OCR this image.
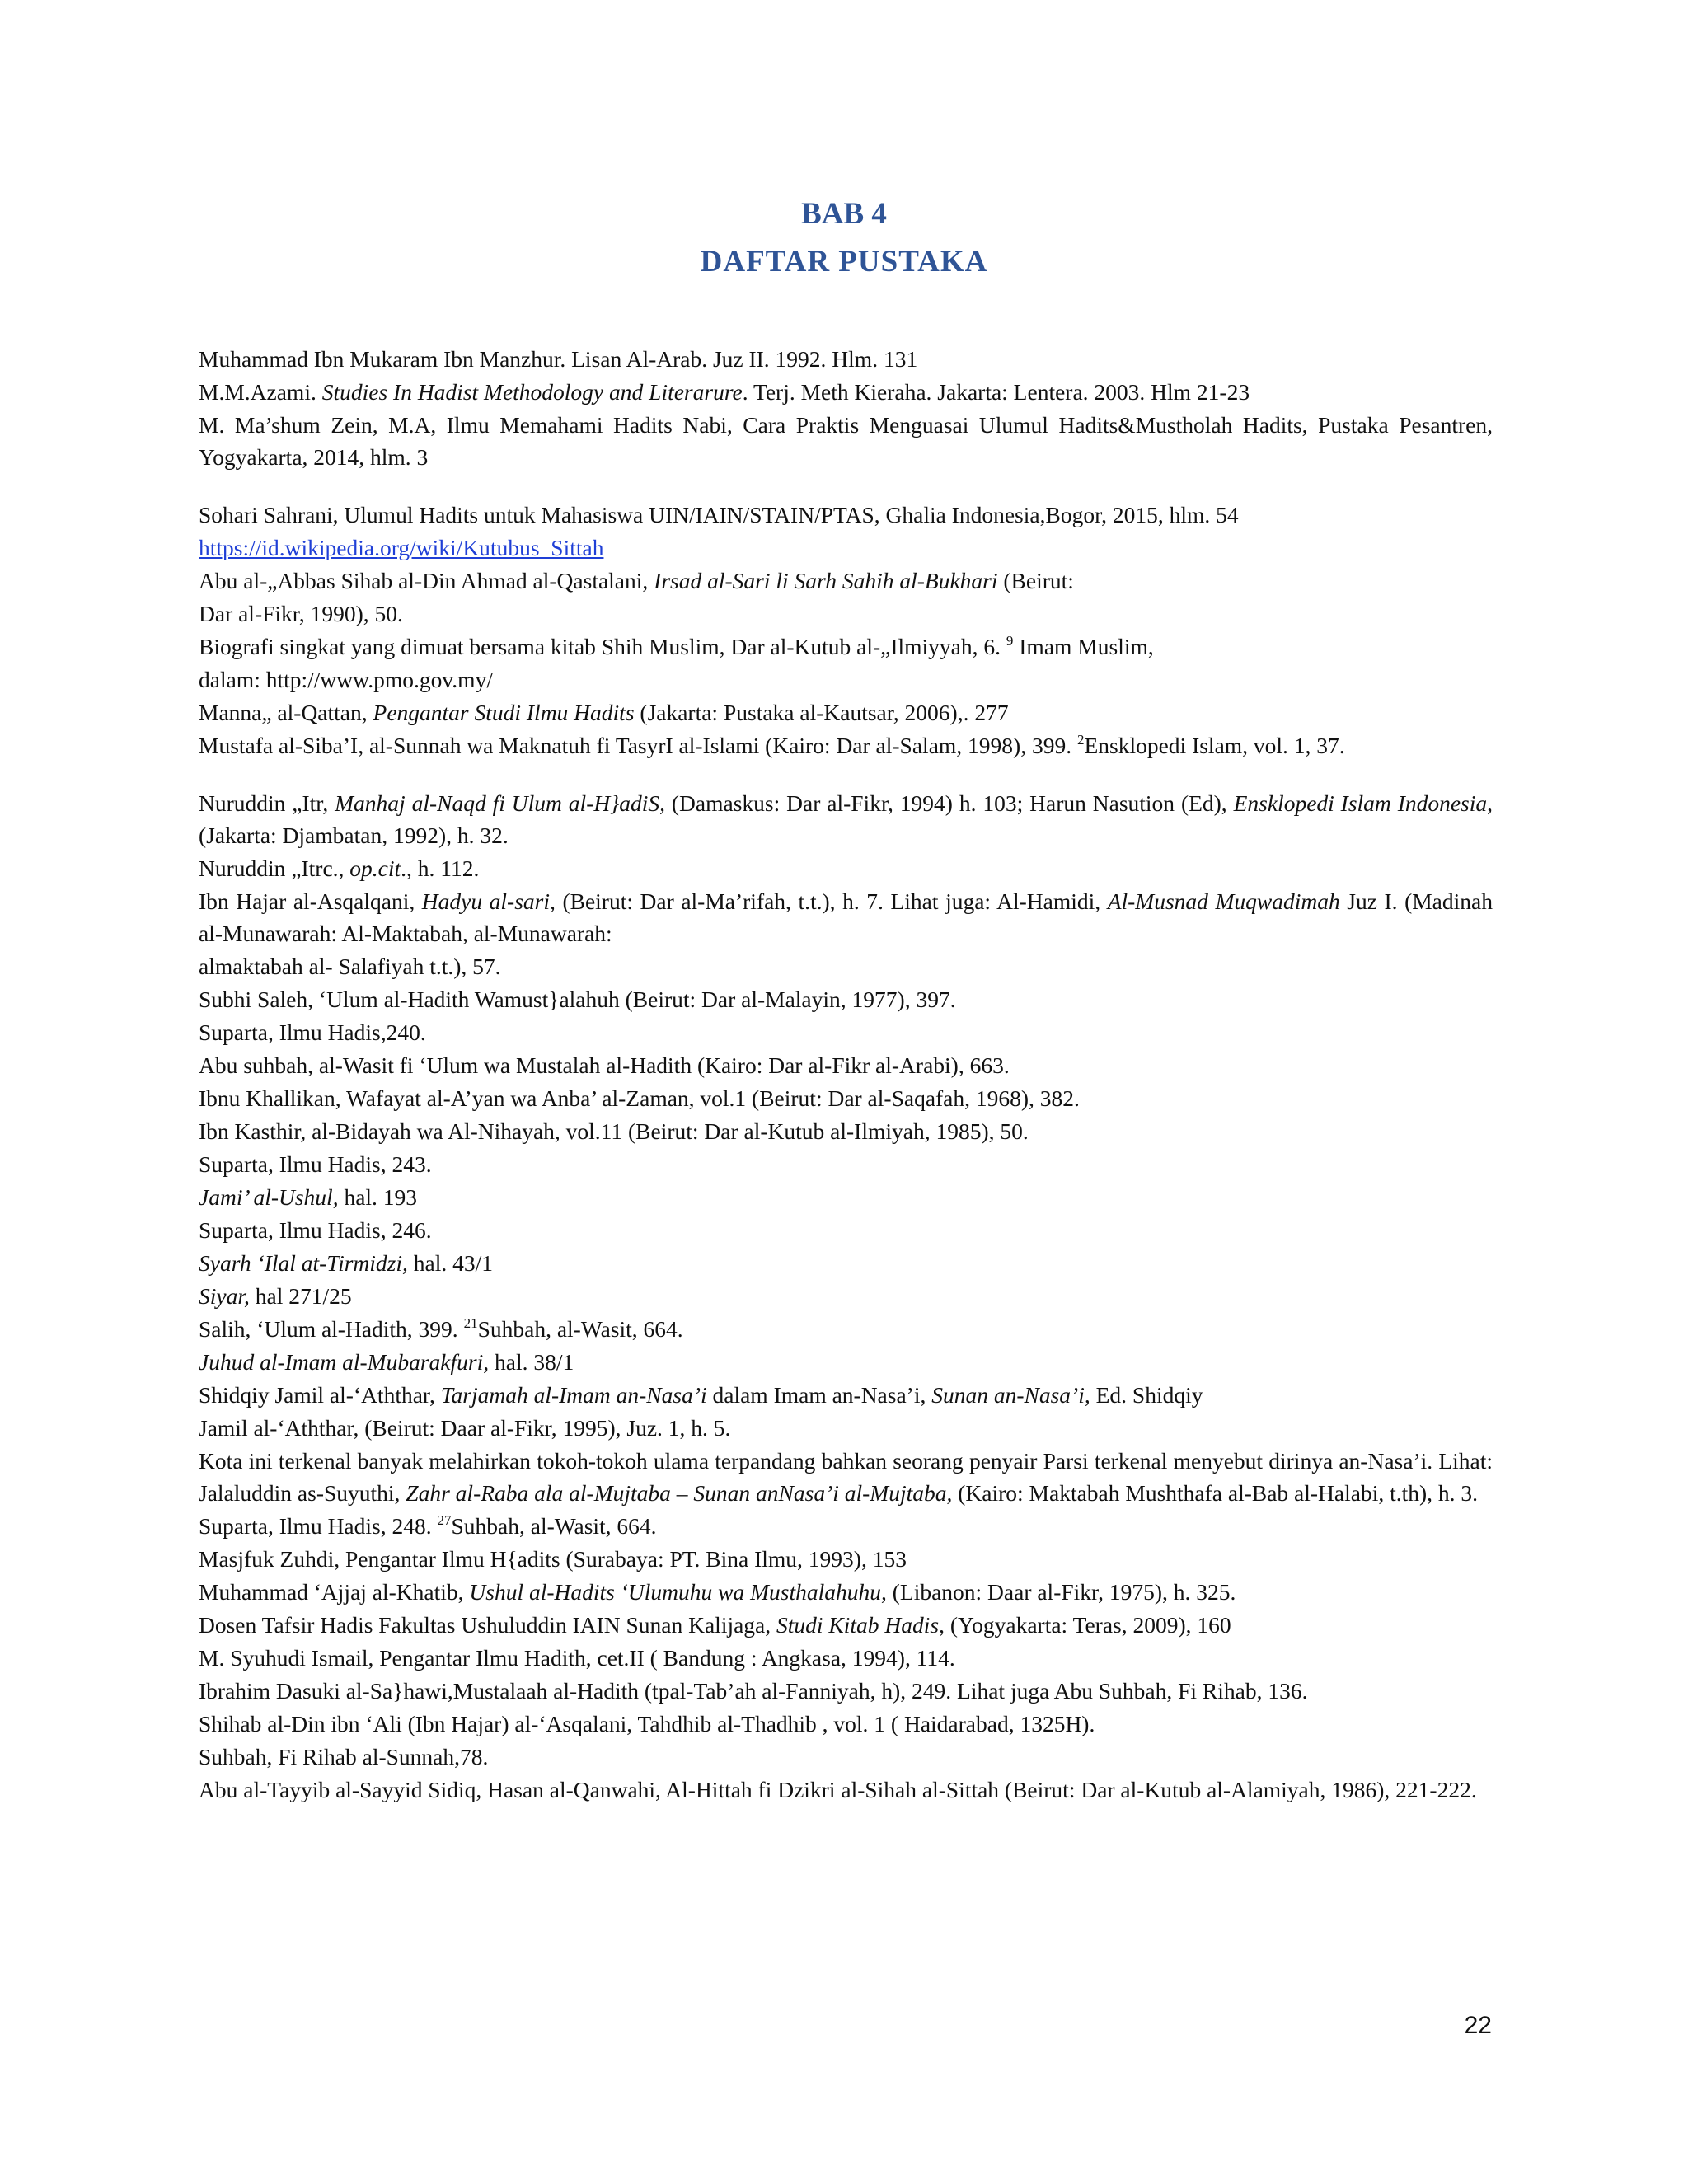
BAB 4
DAFTAR PUSTAKA

Muhammad Ibn Mukaram Ibn Manzhur. Lisan Al-Arab. Juz II. 1992. Hlm. 131

M.M.Azami. Studies In Hadist Methodology and Literarure. Terj. Meth Kieraha. Jakarta: Lentera. 2003. Hlm 21-23

M. Ma’shum Zein, M.A, Ilmu Memahami Hadits Nabi, Cara Praktis Menguasai Ulumul Hadits&Mustholah Hadits, Pustaka Pesantren, Yogyakarta, 2014, hlm. 3

Sohari Sahrani, Ulumul Hadits untuk Mahasiswa UIN/IAIN/STAIN/PTAS, Ghalia Indonesia,Bogor, 2015, hlm. 54

https://id.wikipedia.org/wiki/Kutubus_Sittah

Abu al-„Abbas Sihab al-Din Ahmad al-Qastalani, Irsad al-Sari li Sarh Sahih al-Bukhari (Beirut:

Dar al-Fikr, 1990), 50.

Biografi singkat yang dimuat bersama kitab Shih Muslim, Dar al-Kutub al-„Ilmiyyah, 6. $^9$ Imam Muslim,

dalam: http://www.pmo.gov.my/

Manna„ al-Qattan, Pengantar Studi Ilmu Hadits (Jakarta: Pustaka al-Kautsar, 2006),. 277

Mustafa al-Siba’I, al-Sunnah wa Maknatuh fi TasyrI al-Islami (Kairo: Dar al-Salam, 1998), 399. $^2$Ensklopedi Islam, vol. 1, 37.

Nuruddin „Itr, Manhaj al-Naqd fi Ulum al-H}adiS, (Damaskus: Dar al-Fikr, 1994) h. 103; Harun Nasution (Ed), Ensklopedi Islam Indonesia, (Jakarta: Djambatan, 1992), h. 32.

Nuruddin „Itrc., op.cit., h. 112.

Ibn Hajar al-Asqalqani, Hadyu al-sari, (Beirut: Dar al-Ma’rifah, t.t.), h. 7. Lihat juga: Al-Hamidi, Al-Musnad Muqwadimah Juz I. (Madinah al-Munawarah: Al-Maktabah, al-Munawarah:

almaktabah al- Salafiyah t.t.), 57.

Subhi Saleh, ‘Ulum al-Hadith Wamust}alahuh (Beirut: Dar al-Malayin, 1977), 397.

Suparta, Ilmu Hadis,240.

Abu suhbah, al-Wasit fi ‘Ulum wa Mustalah al-Hadith (Kairo: Dar al-Fikr al-Arabi), 663.

Ibnu Khallikan, Wafayat al-A’yan wa Anba’ al-Zaman, vol.1 (Beirut: Dar al-Saqafah, 1968), 382.

Ibn Kasthir, al-Bidayah wa Al-Nihayah, vol.11 (Beirut: Dar al-Kutub al-Ilmiyah, 1985), 50.

Suparta, Ilmu Hadis, 243.

Jami’ al-Ushul, hal. 193

Suparta, Ilmu Hadis, 246.

Syarh ‘Ilal at-Tirmidzi, hal. 43/1

Siyar, hal 271/25

Salih, ‘Ulum al-Hadith, 399. $^{21}$Suhbah, al-Wasit, 664.

Juhud al-Imam al-Mubarakfuri, hal. 38/1

Shidqiy Jamil al-‘Aththar, Tarjamah al-Imam an-Nasa’i dalam Imam an-Nasa’i, Sunan an-Nasa’i, Ed. Shidqiy

Jamil al-‘Aththar, (Beirut: Daar al-Fikr, 1995), Juz. 1, h. 5.

Kota ini terkenal banyak melahirkan tokoh-tokoh ulama terpandang bahkan seorang penyair Parsi terkenal menyebut dirinya an-Nasa’i. Lihat: Jalaluddin as-Suyuthi, Zahr al-Raba ala al-Mujtaba – Sunan anNasa’i al-Mujtaba, (Kairo: Maktabah Mushthafa al-Bab al-Halabi, t.th), h. 3.

Suparta, Ilmu Hadis, 248. $^{27}$Suhbah, al-Wasit, 664.

Masjfuk Zuhdi, Pengantar Ilmu H{adits (Surabaya: PT. Bina Ilmu, 1993), 153

Muhammad ‘Ajjaj al-Khatib, Ushul al-Hadits ‘Ulumuhu wa Musthalahuhu, (Libanon: Daar al-Fikr, 1975), h. 325.

Dosen Tafsir Hadis Fakultas Ushuluddin IAIN Sunan Kalijaga, Studi Kitab Hadis, (Yogyakarta: Teras, 2009), 160

M. Syuhudi Ismail, Pengantar Ilmu Hadith, cet.II ( Bandung : Angkasa, 1994), 114.

Ibrahim Dasuki al-Sa}hawi,Mustalaah al-Hadith (tpal-Tab’ah al-Fanniyah, h), 249. Lihat juga Abu Suhbah, Fi Rihab, 136.

Shihab al-Din ibn ‘Ali (Ibn Hajar) al-‘Asqalani, Tahdhib al-Thadhib , vol. 1 ( Haidarabad, 1325H).

Suhbah, Fi Rihab al-Sunnah,78.

Abu al-Tayyib al-Sayyid Sidiq, Hasan al-Qanwahi, Al-Hittah fi Dzikri al-Sihah al-Sittah (Beirut: Dar al-Kutub al-Alamiyah, 1986), 221-222.

22
